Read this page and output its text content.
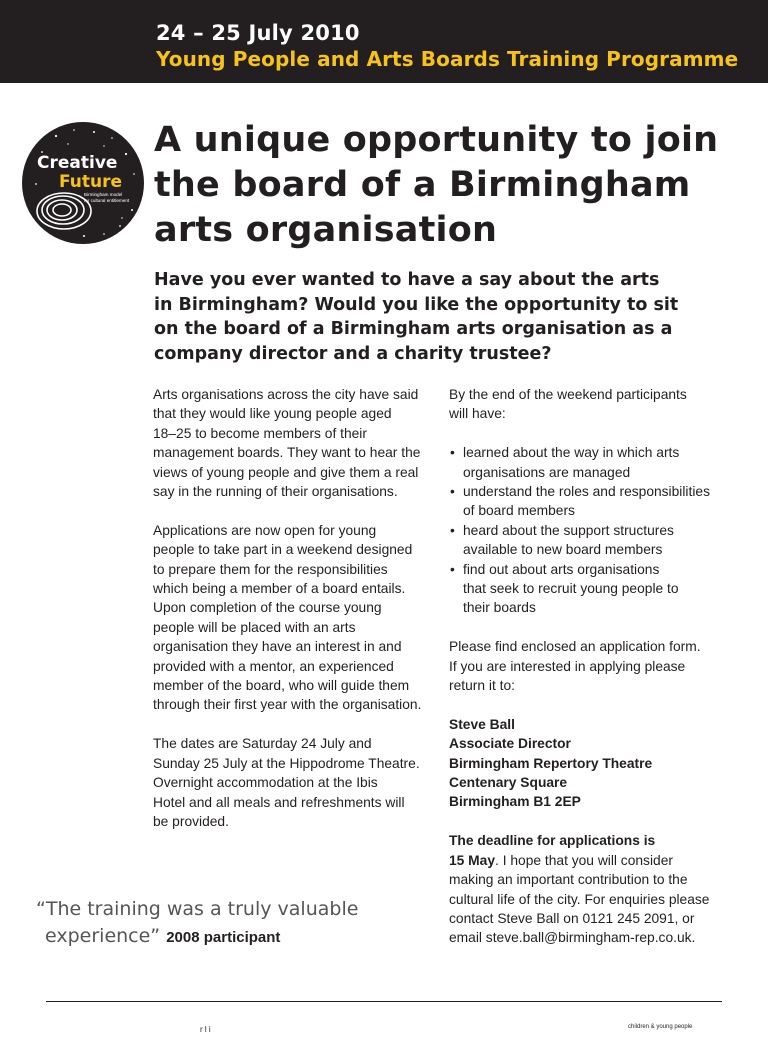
24 – 25 July 2010
Young People and Arts Boards Training Programme
Creative
Future
Birmingham model
for cultural entitlement
A unique opportunity to join
the board of a Birmingham
arts organisation
Have you ever wanted to have a say about the arts
in Birmingham? Would you like the opportunity to sit
on the board of a Birmingham arts organisation as a
company director and a charity trustee?

Arts organisations across the city have said
that they would like young people aged
18–25 to become members of their
management boards. They want to hear the
views of young people and give them a real
say in the running of their organisations.

Applications are now open for young
people to take part in a weekend designed
to prepare them for the responsibilities
which being a member of a board entails.
Upon completion of the course young
people will be placed with an arts
organisation they have an interest in and
provided with a mentor, an experienced
member of the board, who will guide them
through their first year with the organisation.

The dates are Saturday 24 July and
Sunday 25 July at the Hippodrome Theatre.
Overnight accommodation at the Ibis
Hotel and all meals and refreshments will
be provided.

By the end of the weekend participants
will have:

• learned about the way in which arts
organisations are managed
• understand the roles and responsibilities
of board members
• heard about the support structures
available to new board members
• find out about arts organisations
that seek to recruit young people to
their boards

Please find enclosed an application form.
If you are interested in applying please
return it to:

Steve Ball
Associate Director
Birmingham Repertory Theatre
Centenary Square
Birmingham B1 2EP

The deadline for applications is
15 May. I hope that you will consider
making an important contribution to the
cultural life of the city. For enquiries please
contact Steve Ball on 0121 245 2091, or
email steve.ball@birmingham-rep.co.uk.

“The training was a truly valuable
experience” 2008 participant
children & young people
r l i
